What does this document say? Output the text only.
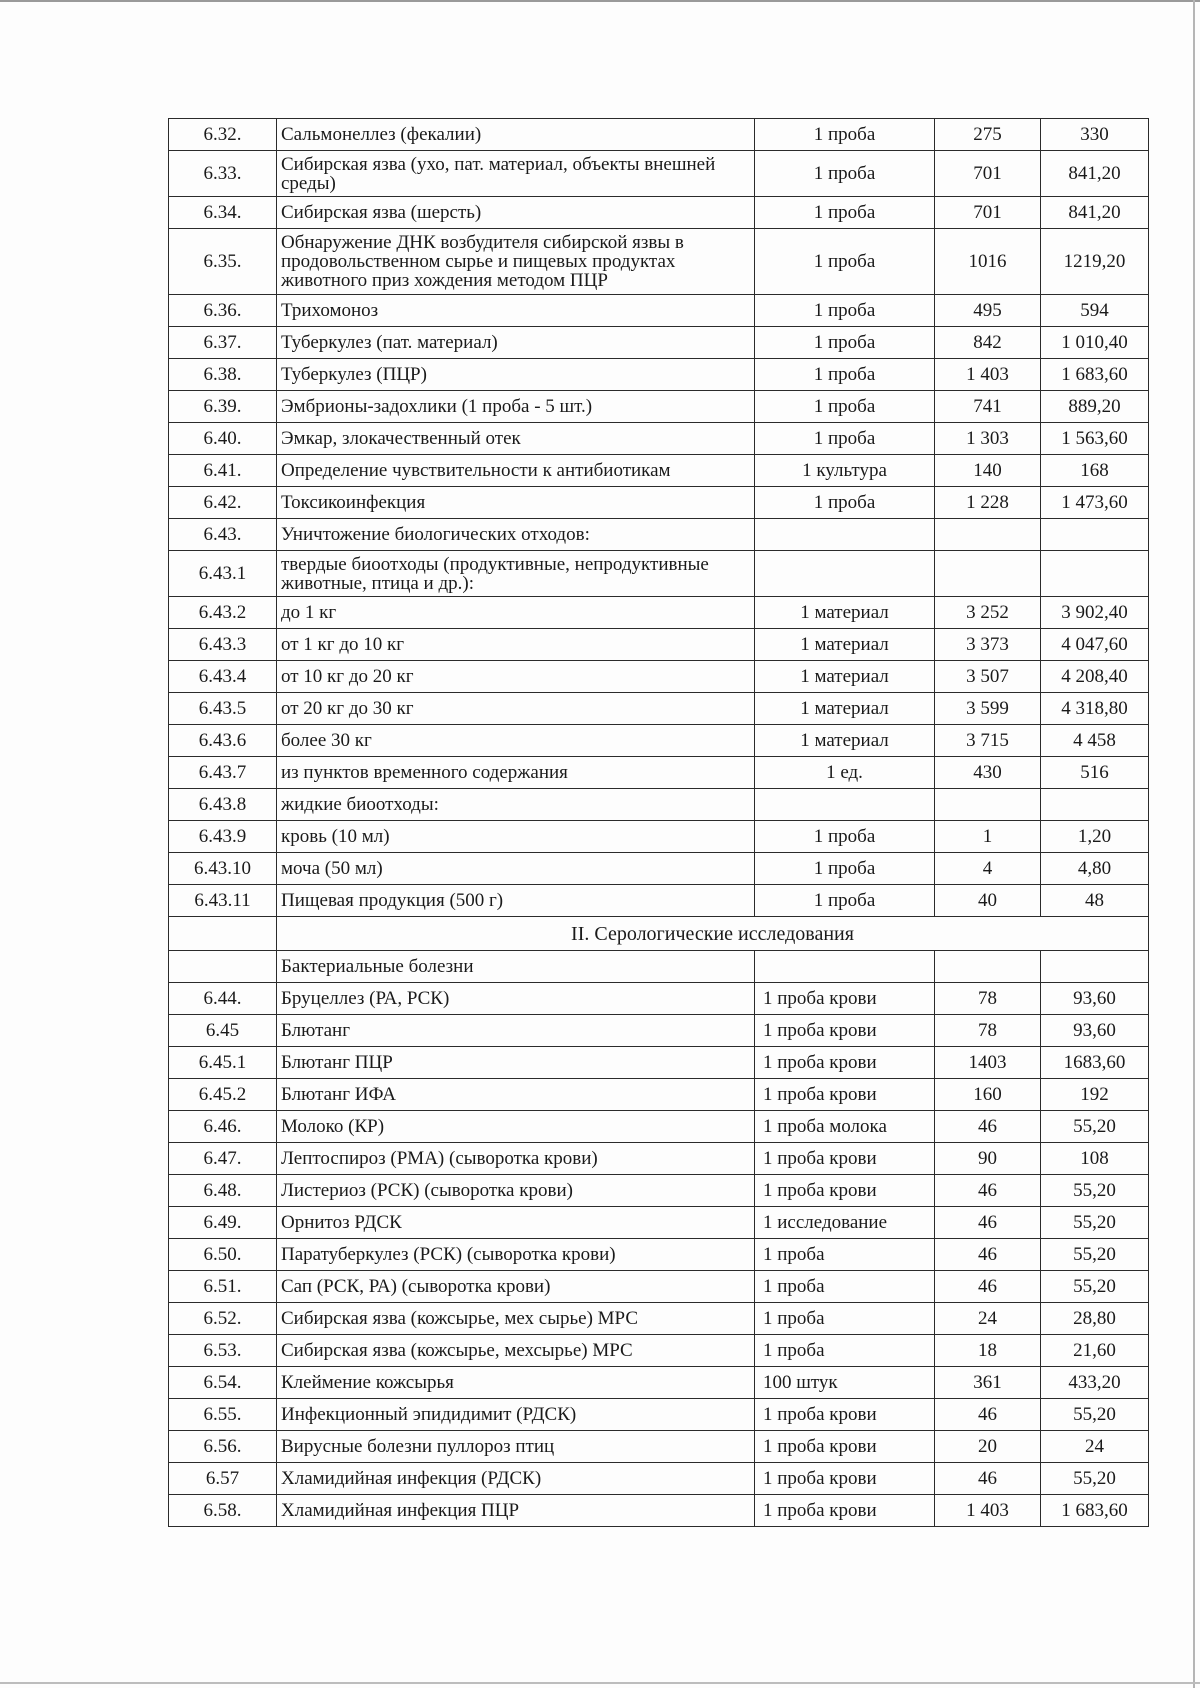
6.32.	Сальмонеллез (фекалии)	1 проба	275	330
6.33.	Сибирская язва (ухо, пат. материал, объекты внешней среды)	1 проба	701	841,20
6.34.	Сибирская язва (шерсть)	1 проба	701	841,20
6.35.	Обнаружение ДНК возбудителя сибирской язвы в продовольственном сырье и пищевых продуктах животного приз хождения методом ПЦР	1 проба	1016	1219,20
6.36.	Трихомоноз	1 проба	495	594
6.37.	Туберкулез (пат. материал)	1 проба	842	1 010,40
6.38.	Туберкулез (ПЦР)	1 проба	1 403	1 683,60
6.39.	Эмбрионы-задохлики (1 проба - 5 шт.)	1 проба	741	889,20
6.40.	Эмкар, злокачественный отек	1 проба	1 303	1 563,60
6.41.	Определение чувствительности к антибиотикам	1 культура	140	168
6.42.	Токсикоинфекция	1 проба	1 228	1 473,60
6.43.	Уничтожение биологических отходов:			
6.43.1	твердые биоотходы (продуктивные, непродуктивные животные, птица и др.):			
6.43.2	до 1 кг	1 материал	3 252	3 902,40
6.43.3	от 1 кг до 10 кг	1 материал	3 373	4 047,60
6.43.4	от 10 кг до 20 кг	1 материал	3 507	4 208,40
6.43.5	от 20 кг до 30 кг	1 материал	3 599	4 318,80
6.43.6	более 30 кг	1 материал	3 715	4 458
6.43.7	из пунктов временного содержания	1 ед.	430	516
6.43.8	жидкие биоотходы:			
6.43.9	кровь (10 мл)	1 проба	1	1,20
6.43.10	моча (50 мл)	1 проба	4	4,80
6.43.11	Пищевая продукция (500 г)	1 проба	40	48
	II. Серологические исследования			
	Бактериальные болезни			
6.44.	Бруцеллез (РА, РСК)	1 проба крови	78	93,60
6.45	Блютанг	1 проба крови	78	93,60
6.45.1	Блютанг ПЦР	1 проба крови	1403	1683,60
6.45.2	Блютанг ИФА	1 проба крови	160	192
6.46.	Молоко (КР)	1 проба молока	46	55,20
6.47.	Лептоспироз (РМА) (сыворотка крови)	1 проба крови	90	108
6.48.	Листериоз (РСК) (сыворотка крови)	1 проба крови	46	55,20
6.49.	Орнитоз РДСК	1 исследование	46	55,20
6.50.	Паратуберкулез (РСК) (сыворотка крови)	1 проба	46	55,20
6.51.	Сап (РСК, РА) (сыворотка крови)	1 проба	46	55,20
6.52.	Сибирская язва (кожсырье, мех сырье) МРС	1 проба	24	28,80
6.53.	Сибирская язва (кожсырье, мехсырье) МРС	1 проба	18	21,60
6.54.	Клеймение кожсырья	100 штук	361	433,20
6.55.	Инфекционный эпидидимит (РДСК)	1 проба крови	46	55,20
6.56.	Вирусные болезни пуллороз птиц	1 проба крови	20	24
6.57	Хламидийная инфекция (РДСК)	1 проба крови	46	55,20
6.58.	Хламидийная инфекция ПЦР	1 проба крови	1 403	1 683,60
